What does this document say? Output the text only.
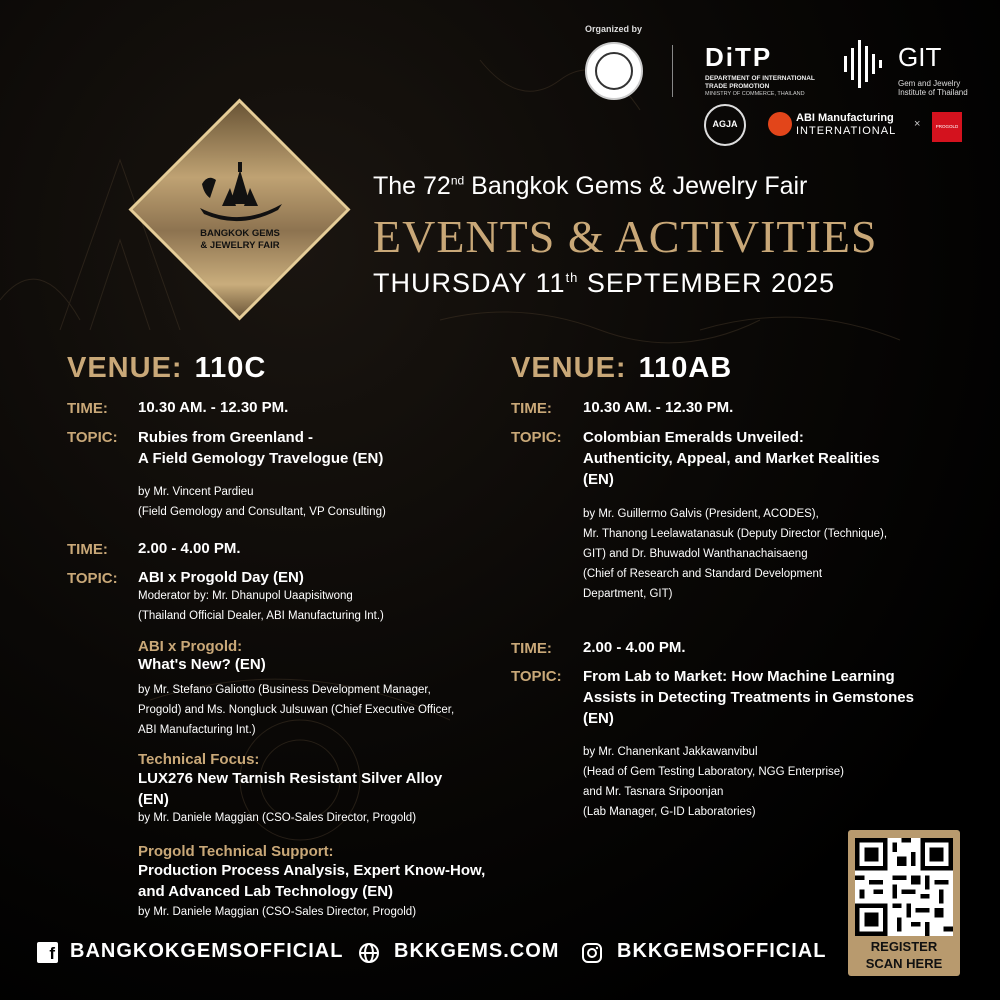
Organized by
DiTP
DEPARTMENT OF INTERNATIONAL TRADE PROMOTION
MINISTRY OF COMMERCE, THAILAND
GIT
Gem and Jewelry
Institute of Thailand
AGJA	ABI Manufacturing
INTERNATIONAL
×	PROGOLD
BANGKOK GEMS
& JEWELRY FAIR
The 72nd Bangkok Gems & Jewelry Fair
EVENTS & ACTIVITIES
THURSDAY 11th SEPTEMBER 2025
VENUE: 110C
TIME: 10.30 AM. - 12.30 PM.
TOPIC: Rubies from Greenland -
A Field Gemology Travelogue (EN)
by Mr. Vincent Pardieu
(Field Gemology and Consultant, VP Consulting)
TIME: 2.00 - 4.00 PM.
TOPIC: ABI x Progold Day (EN)
Moderator by: Mr. Dhanupol Uaapisitwong
(Thailand Official Dealer, ABI Manufacturing Int.)
ABI x Progold:
What's New? (EN)
by Mr. Stefano Galiotto (Business Development Manager,
Progold) and Ms. Nongluck Julsuwan (Chief Executive Officer,
ABI Manufacturing Int.)
Technical Focus:
LUX276 New Tarnish Resistant Silver Alloy
(EN)
by Mr. Daniele Maggian (CSO-Sales Director, Progold)
Progold Technical Support:
Production Process Analysis, Expert Know-How,
and Advanced Lab Technology (EN)
by Mr. Daniele Maggian (CSO-Sales Director, Progold)
VENUE: 110AB
TIME: 10.30 AM. - 12.30 PM.
TOPIC: Colombian Emeralds Unveiled:
Authenticity, Appeal, and Market Realities
(EN)
by Mr. Guillermo Galvis (President, ACODES),
Mr. Thanong Leelawatanasuk (Deputy Director (Technique),
GIT) and Dr. Bhuwadol Wanthanachaisaeng
(Chief of Research and Standard Development
Department, GIT)
TIME: 2.00 - 4.00 PM.
TOPIC: From Lab to Market: How Machine Learning
Assists in Detecting Treatments in Gemstones
(EN)
by Mr. Chanenkant Jakkawanvibul
(Head of Gem Testing Laboratory, NGG Enterprise)
and Mr. Tasnara Sripoonjan
(Lab Manager, G-ID Laboratories)
REGISTER
SCAN HERE
f BANGKOKGEMSOFFICIAL	BKKGEMS.COM	BKKGEMSOFFICIAL
